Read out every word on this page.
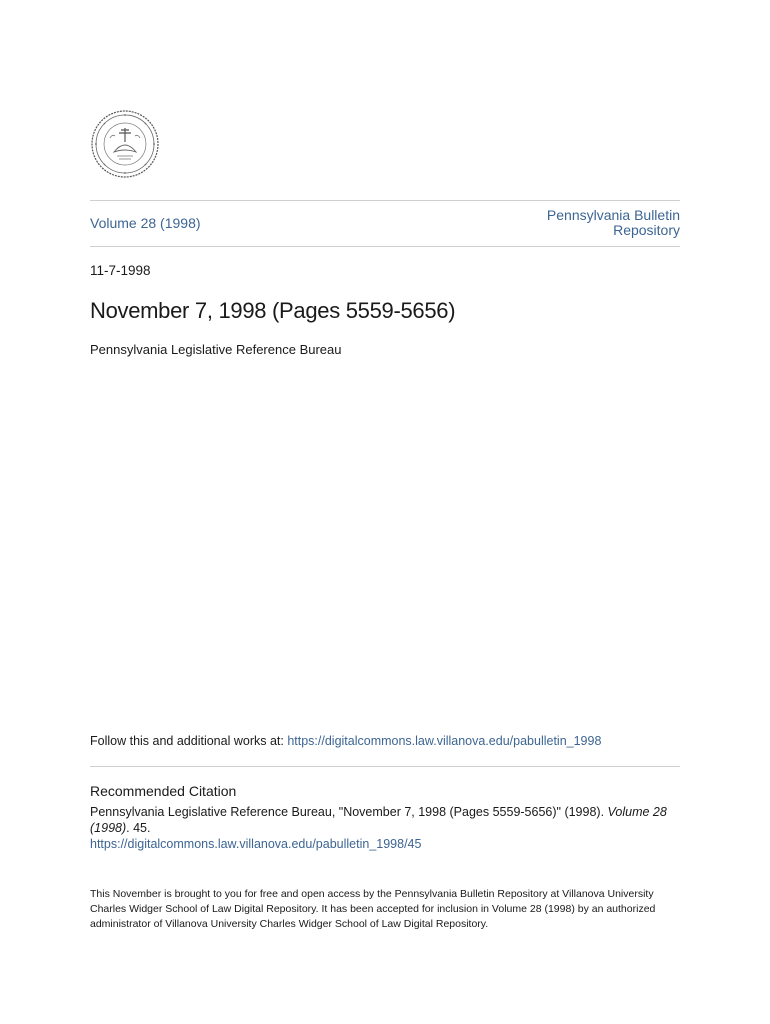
Volume 28 (1998)	Pennsylvania Bulletin
Repository
11-7-1998
November 7, 1998 (Pages 5559-5656)
Pennsylvania Legislative Reference Bureau
Follow this and additional works at: https://digitalcommons.law.villanova.edu/pabulletin_1998
Recommended Citation
Pennsylvania Legislative Reference Bureau, "November 7, 1998 (Pages 5559-5656)" (1998). Volume 28 (1998). 45.
https://digitalcommons.law.villanova.edu/pabulletin_1998/45
This November is brought to you for free and open access by the Pennsylvania Bulletin Repository at Villanova University Charles Widger School of Law Digital Repository. It has been accepted for inclusion in Volume 28 (1998) by an authorized administrator of Villanova University Charles Widger School of Law Digital Repository.
